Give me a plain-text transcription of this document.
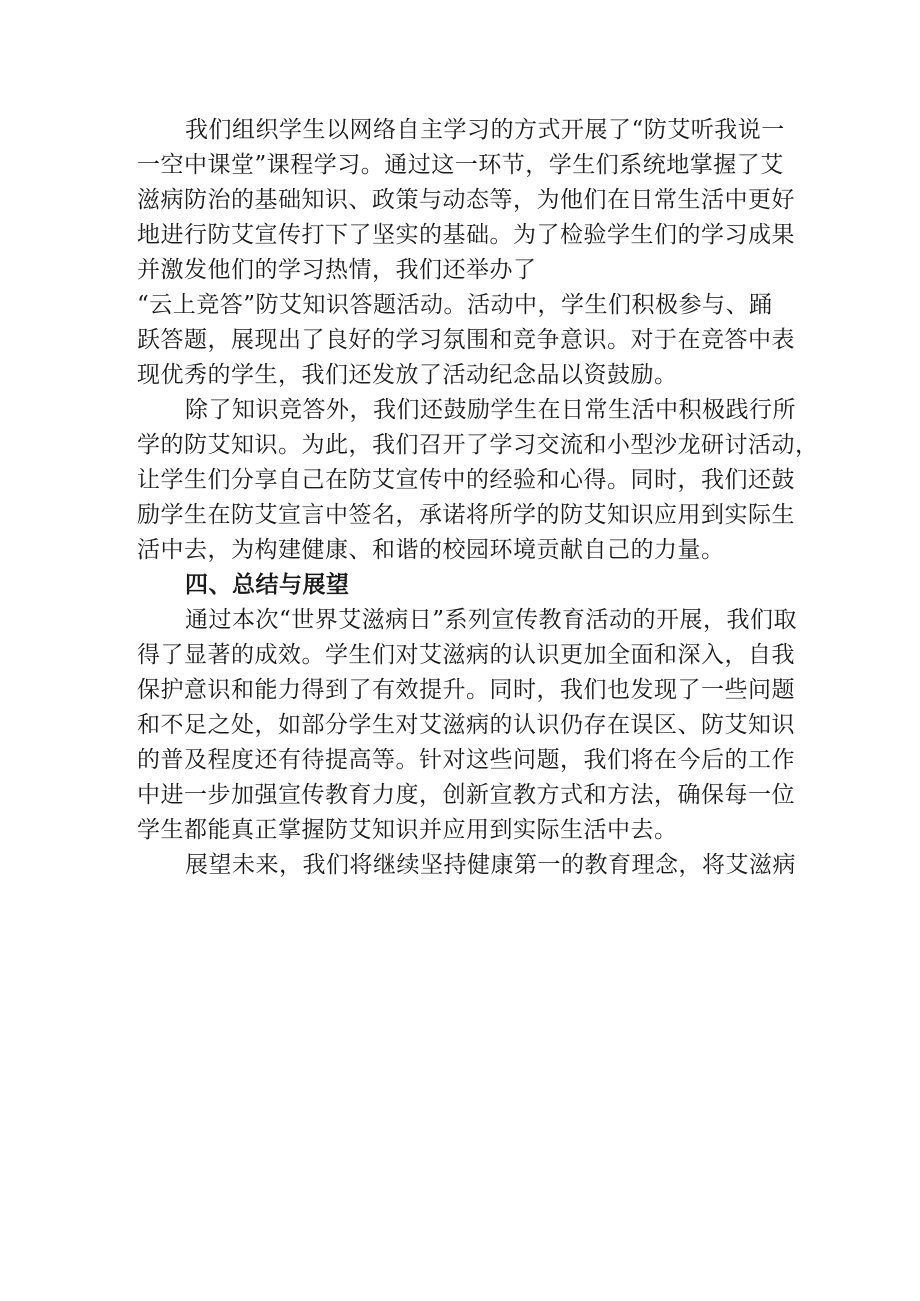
我们组织学生以网络自主学习的方式开展了“防艾听我说一
一空中课堂”课程学习。通过这一环节，学生们系统地掌握了艾
滋病防治的基础知识、政策与动态等，为他们在日常生活中更好
地进行防艾宣传打下了坚实的基础。为了检验学生们的学习成果
并激发他们的学习热情，我们还举办了
“云上竞答”防艾知识答题活动。活动中，学生们积极参与、踊
跃答题，展现出了良好的学习氛围和竞争意识。对于在竞答中表
现优秀的学生，我们还发放了活动纪念品以资鼓励。
除了知识竞答外，我们还鼓励学生在日常生活中积极践行所
学的防艾知识。为此，我们召开了学习交流和小型沙龙研讨活动，
让学生们分享自己在防艾宣传中的经验和心得。同时，我们还鼓
励学生在防艾宣言中签名，承诺将所学的防艾知识应用到实际生
活中去，为构建健康、和谐的校园环境贡献自己的力量。
四、总结与展望
通过本次“世界艾滋病日”系列宣传教育活动的开展，我们取
得了显著的成效。学生们对艾滋病的认识更加全面和深入，自我
保护意识和能力得到了有效提升。同时，我们也发现了一些问题
和不足之处，如部分学生对艾滋病的认识仍存在误区、防艾知识
的普及程度还有待提高等。针对这些问题，我们将在今后的工作
中进一步加强宣传教育力度，创新宣教方式和方法，确保每一位
学生都能真正掌握防艾知识并应用到实际生活中去。
展望未来，我们将继续坚持健康第一的教育理念，将艾滋病
